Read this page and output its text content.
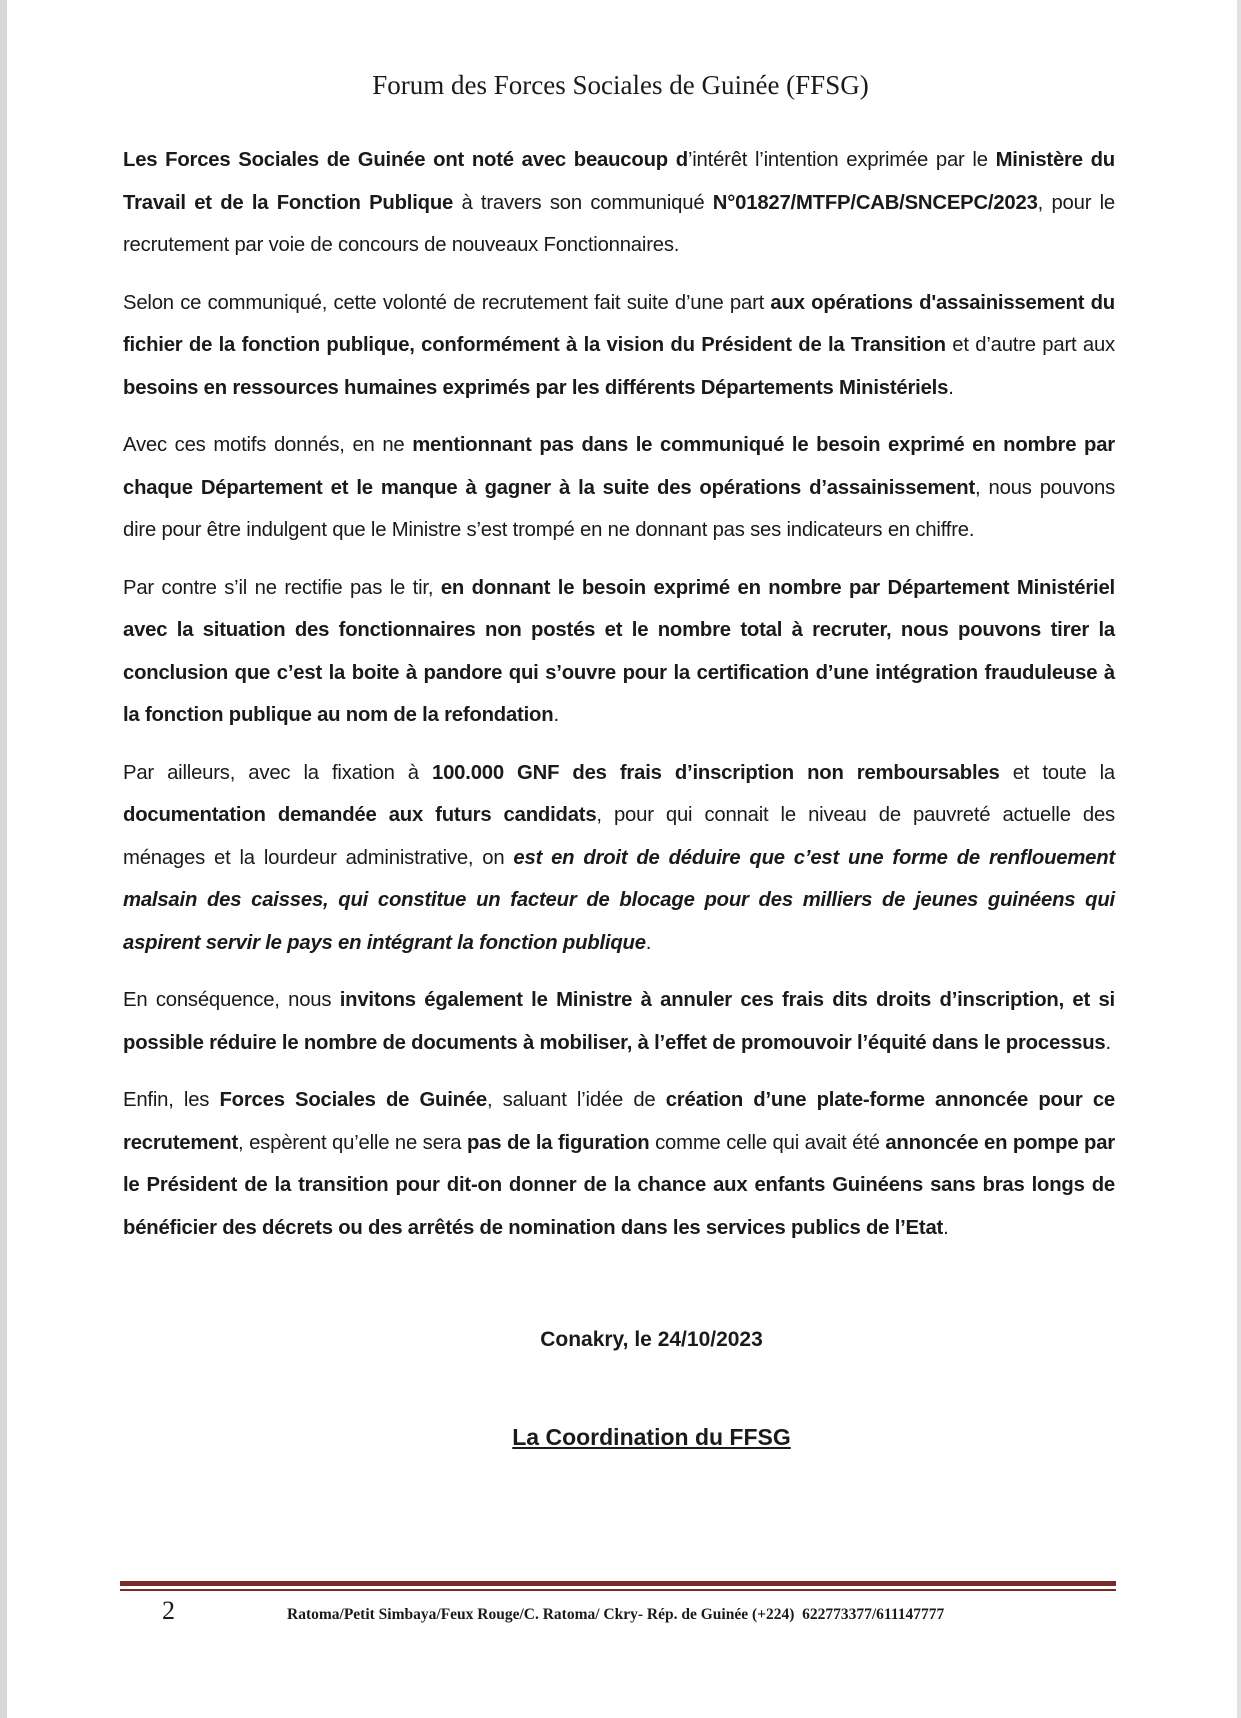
Forum des Forces Sociales de Guinée (FFSG)

Les Forces Sociales de Guinée ont noté avec beaucoup d’intérêt l’intention exprimée par le Ministère du Travail et de la Fonction Publique à travers son communiqué N°01827/MTFP/CAB/SNCEPC/2023, pour le recrutement par voie de concours de nouveaux Fonctionnaires.

Selon ce communiqué, cette volonté de recrutement fait suite d’une part aux opérations d'assainissement du fichier de la fonction publique, conformément à la vision du Président de la Transition et d’autre part aux besoins en ressources humaines exprimés par les différents Départements Ministériels.

Avec ces motifs donnés, en ne mentionnant pas dans le communiqué le besoin exprimé en nombre par chaque Département et le manque à gagner à la suite des opérations d’assainissement, nous pouvons dire pour être indulgent que le Ministre s’est trompé en ne donnant pas ses indicateurs en chiffre.

Par contre s’il ne rectifie pas le tir, en donnant le besoin exprimé en nombre par Département Ministériel avec la situation des fonctionnaires non postés et le nombre total à recruter, nous pouvons tirer la conclusion que c’est la boite à pandore qui s’ouvre pour la certification d’une intégration frauduleuse à la fonction publique au nom de la refondation.

Par ailleurs, avec la fixation à 100.000 GNF des frais d’inscription non remboursables et toute la documentation demandée aux futurs candidats, pour qui connait le niveau de pauvreté actuelle des ménages et la lourdeur administrative, on est en droit de déduire que c’est une forme de renflouement malsain des caisses, qui constitue un facteur de blocage pour des milliers de jeunes guinéens qui aspirent servir le pays en intégrant la fonction publique.

En conséquence, nous invitons également le Ministre à annuler ces frais dits droits d’inscription, et si possible réduire le nombre de documents à mobiliser, à l’effet de promouvoir l’équité dans le processus.

Enfin, les Forces Sociales de Guinée, saluant l’idée de création d’une plate-forme annoncée pour ce recrutement, espèrent qu’elle ne sera pas de la figuration comme celle qui avait été annoncée en pompe par le Président de la transition pour dit-on donner de la chance aux enfants Guinéens sans bras longs de bénéficier des décrets ou des arrêtés de nomination dans les services publics de l’Etat.

Conakry, le 24/10/2023
La Coordination du FFSG
2	Ratoma/Petit Simbaya/Feux Rouge/C. Ratoma/ Ckry- Rép. de Guinée (+224)  622773377/611147777
